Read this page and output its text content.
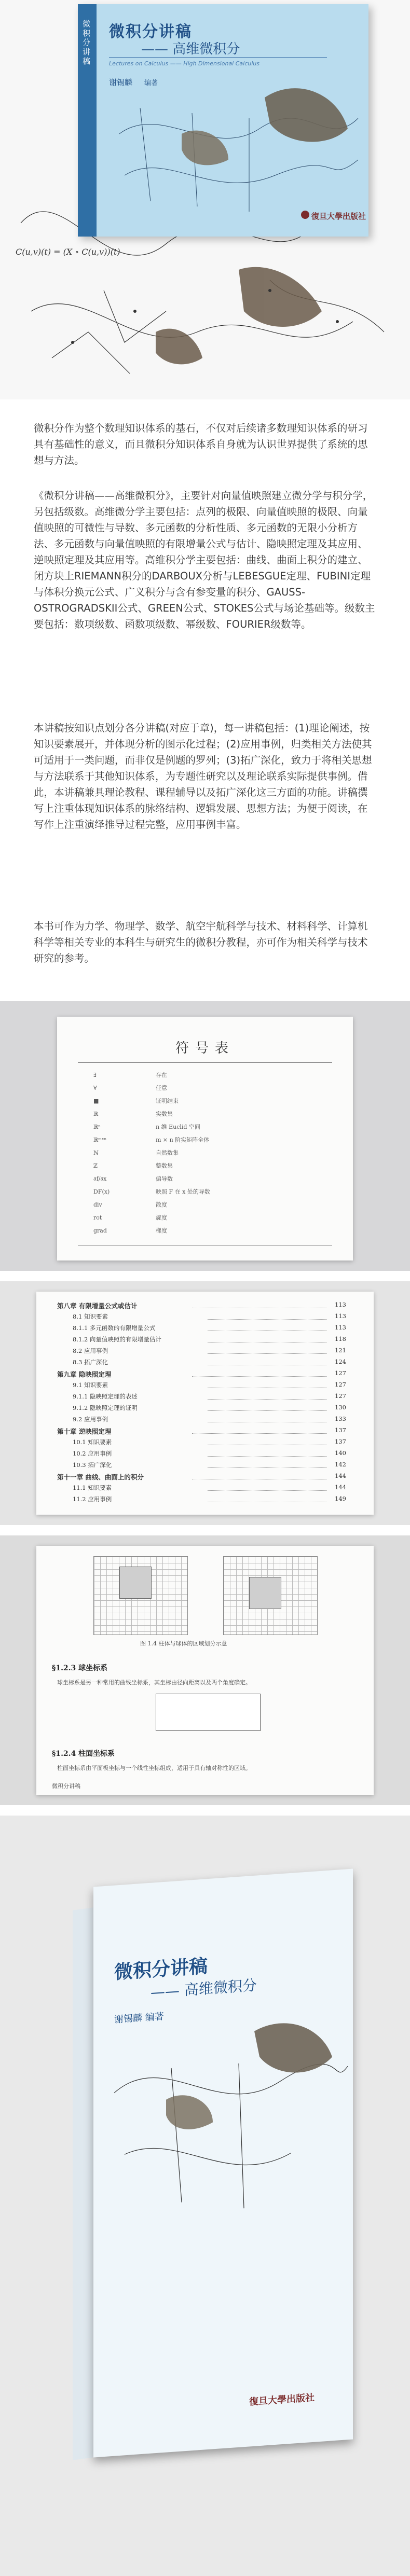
微积分讲稿 微积分讲稿
—— 高维微积分
Lectures on Calculus —— High Dimensional Calculus
谢锡麟 编著
復旦大學出版社
C(u,v)(t) = (X ∘ C(u,v))(t)

微积分作为整个数理知识体系的基石，不仅对后续诸多数理知识体系的研习具有基础性的意义，而且微积分知识体系自身就为认识世界提供了系统的思想与方法。

《微积分讲稿——高维微积分》，主要针对向量值映照建立微分学与积分学，另包括级数。高维微分学主要包括：点列的极限、向量值映照的极限、向量值映照的可微性与导数、多元函数的分析性质、多元函数的无限小分析方法、多元函数与向量值映照的有限增量公式与估计、隐映照定理及其应用、逆映照定理及其应用等。高维积分学主要包括：曲线、曲面上积分的建立、闭方块上RIEMANN积分的DARBOUX分析与LEBESGUE定理、FUBINI定理与体积分换元公式、广义积分与含有参变量的积分、GAUSS-OSTROGRADSKII公式、GREEN公式、STOKES公式与场论基础等。级数主要包括：数项级数、函数项级数、幂级数、FOURIER级数等。

本讲稿按知识点划分各分讲稿(对应于章)，每一讲稿包括：(1)理论阐述，按知识要素展开，并体现分析的图示化过程；(2)应用事例，归类相关方法使其可适用于一类问题，而非仅是例题的罗列；(3)拓广深化，致力于将相关思想与方法联系于其他知识体系，为专题性研究以及理论联系实际提供事例。借此，本讲稿兼具理论教程、课程辅导以及拓广深化这三方面的功能。讲稿撰写上注重体现知识体系的脉络结构、逻辑发展、思想方法；为便于阅读，在写作上注重演绎推导过程完整，应用事例丰富。

本书可作为力学、物理学、数学、航空宇航科学与技术、材料科学、计算机科学等相关专业的本科生与研究生的微积分教程，亦可作为相关科学与技术研究的参考。

符号表
∃	存在
∀	任意
■	证明结束
ℝ	实数集
ℝⁿ	n 维 Euclid 空间
ℝᵐˣⁿ	m × n 阶实矩阵全体
ℕ	自然数集
ℤ	整数集
∂f/∂x	偏导数
DF(x)	映照 F 在 x 处的导数
div	散度
rot	旋度
grad	梯度
第八章 有限增量公式或估计	113
8.1 知识要素	113
8.1.1 多元函数的有限增量公式	113
8.1.2 向量值映照的有限增量估计	118
8.2 应用事例	121
8.3 拓广深化	124
第九章 隐映照定理	127
9.1 知识要素	127
9.1.1 隐映照定理的表述	127
9.1.2 隐映照定理的证明	130
9.2 应用事例	133
第十章 逆映照定理	137
10.1 知识要素	137
10.2 应用事例	140
10.3 拓广深化	142
第十一章 曲线、曲面上的积分	144
11.1 知识要素	144
11.2 应用事例	149
图 1.4 柱体与球体的区域划分示意
§1.2.3 球坐标系
球坐标系是另一种常用的曲线坐标系，其坐标由径向距离以及两个角度确定。
§1.2.4 柱面坐标系
柱面坐标系由平面极坐标与一个线性坐标组成，适用于具有轴对称性的区域。
微积分讲稿
微积分讲稿
—— 高维微积分
谢锡麟 编著
復旦大學出版社
